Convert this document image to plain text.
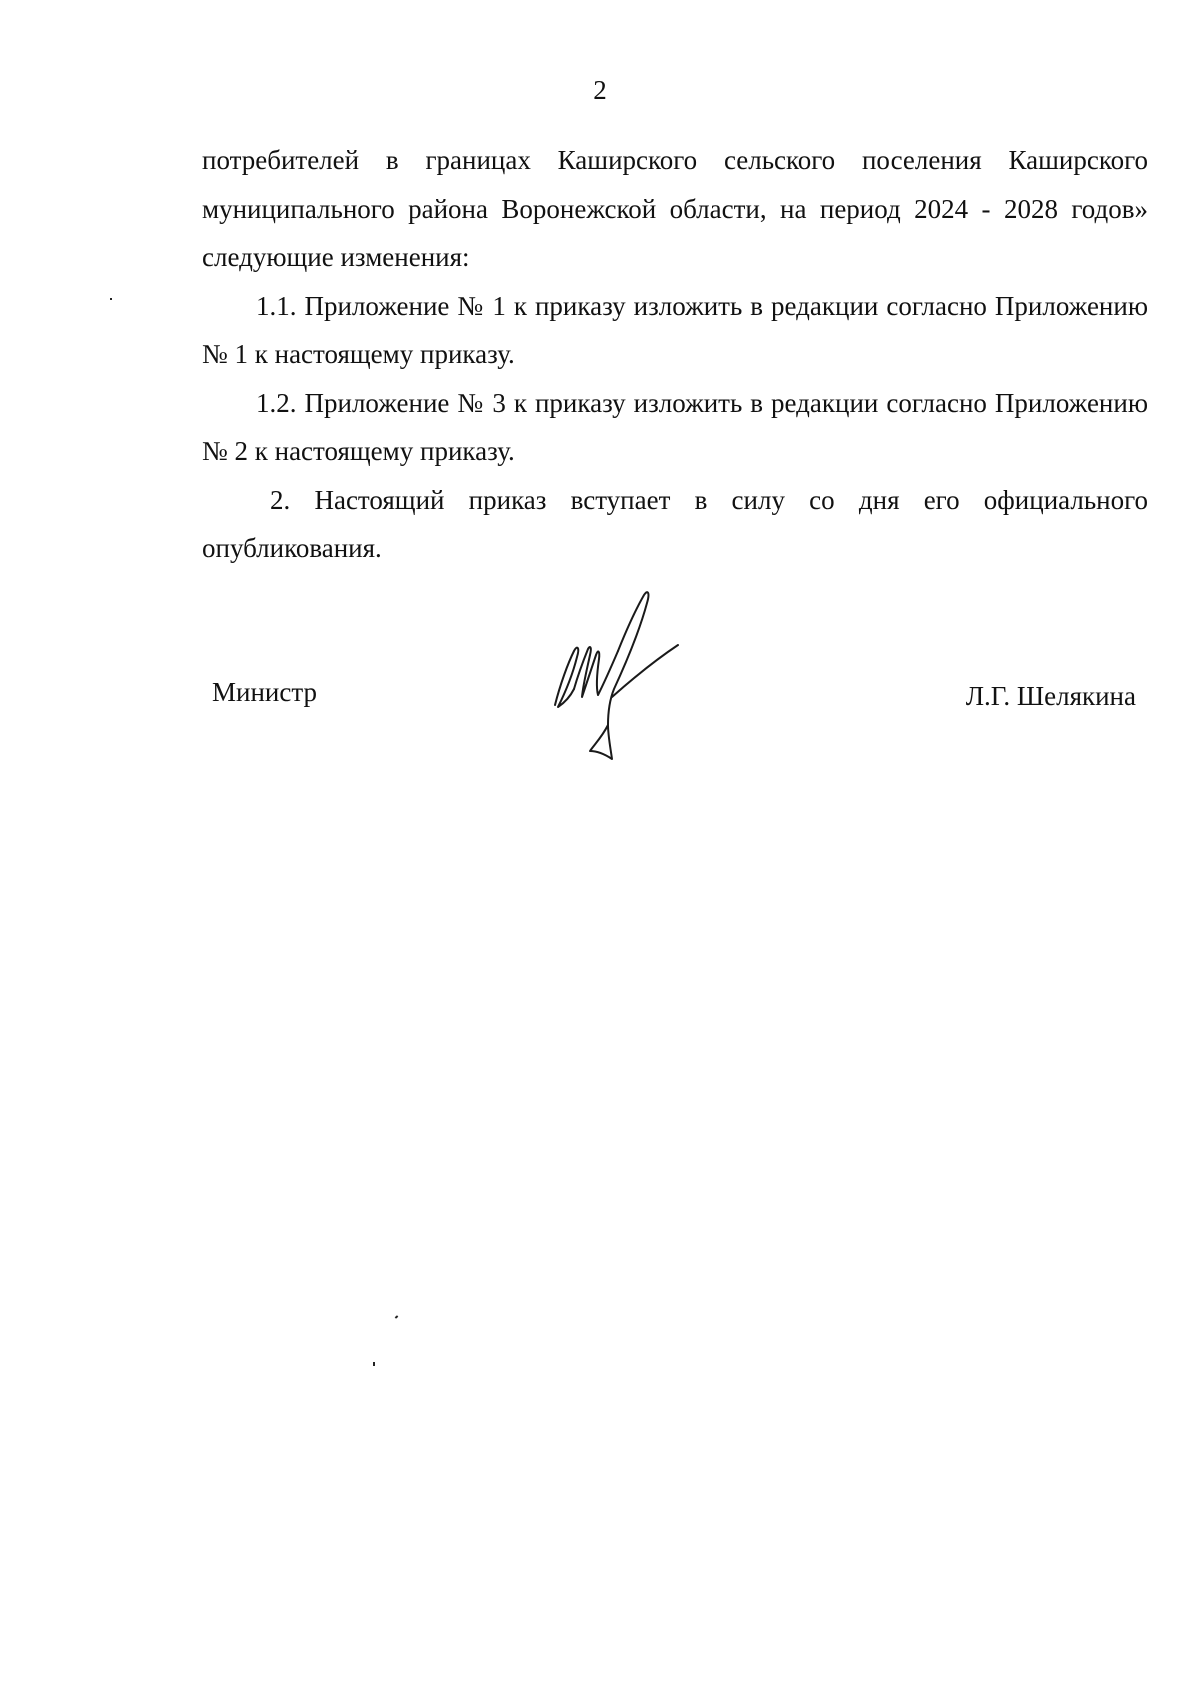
2

потребителей в границах Каширского сельского поселения Каширского муниципального района Воронежской области, на период 2024 - 2028 годов» следующие изменения:

1.1. Приложение № 1 к приказу изложить в редакции согласно Приложению № 1 к настоящему приказу.

1.2. Приложение № 3 к приказу изложить в редакции согласно Приложению № 2 к настоящему приказу.

2. Настоящий приказ вступает в силу со дня его официального опубликования.

Министр	Л.Г. Шелякина
